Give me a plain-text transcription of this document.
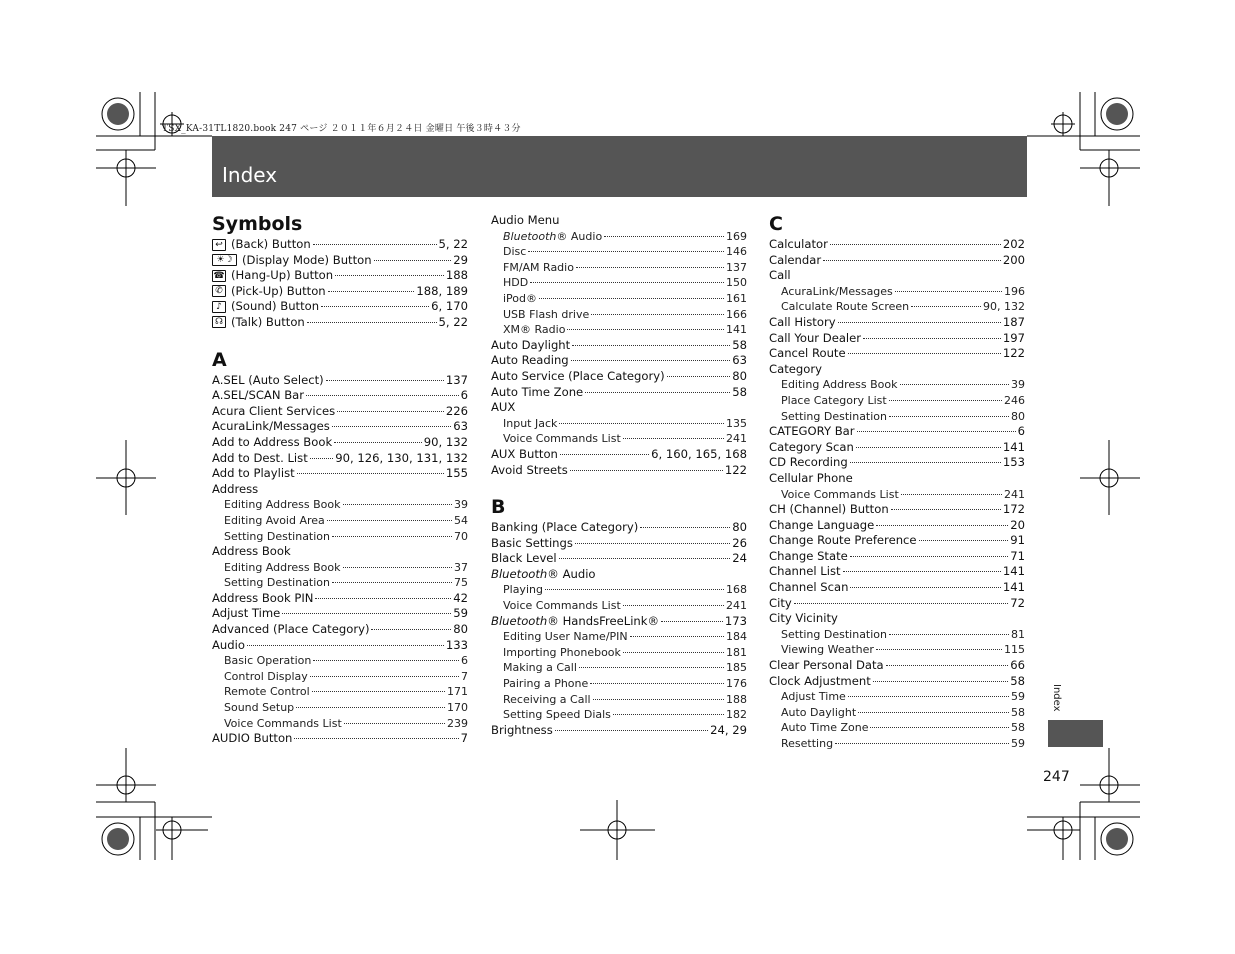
TSX_KA-31TL1820.book 247 ページ ２０１１年６月２４日 金曜日 午後３時４３分
Index
Symbols
↩ (Back) Button	5, 22
☀☽ (Display Mode) Button	29
☎ (Hang-Up) Button	188
✆ (Pick-Up) Button	188, 189
♪ (Sound) Button	6, 170
☊ (Talk) Button	5, 22
A
A.SEL (Auto Select)	137
A.SEL/SCAN Bar	6
Acura Client Services	226
AcuraLink/Messages	63
Add to Address Book	90, 132
Add to Dest. List 90, 126, 130, 131, 132
Add to Playlist	155
Address
Editing Address Book	39
Editing Avoid Area	54
Setting Destination	70
Address Book
Editing Address Book	37
Setting Destination	75
Address Book PIN	42
Adjust Time	59
Advanced (Place Category)	80
Audio	133
Basic Operation	6
Control Display	7
Remote Control	171
Sound Setup	170
Voice Commands List	239
AUDIO Button	7
Audio Menu
Bluetooth® Audio	169
Disc	146
FM/AM Radio	137
HDD	150
iPod®	161
USB Flash drive	166
XM® Radio	141
Auto Daylight	58
Auto Reading	63
Auto Service (Place Category)	80
Auto Time Zone	58
AUX
Input Jack	135
Voice Commands List	241
AUX Button	6, 160, 165, 168
Avoid Streets	122
B
Banking (Place Category)	80
Basic Settings	26
Black Level	24
Bluetooth® Audio
Playing	168
Voice Commands List	241
Bluetooth® HandsFreeLink®	173
Editing User Name/PIN	184
Importing Phonebook	181
Making a Call	185
Pairing a Phone	176
Receiving a Call	188
Setting Speed Dials	182
Brightness	24, 29
C
Calculator	202
Calendar	200
Call
AcuraLink/Messages	196
Calculate Route Screen	90, 132
Call History	187
Call Your Dealer	197
Cancel Route	122
Category
Editing Address Book	39
Place Category List	246
Setting Destination	80
CATEGORY Bar	6
Category Scan	141
CD Recording	153
Cellular Phone
Voice Commands List	241
CH (Channel) Button	172
Change Language	20
Change Route Preference	91
Change State	71
Channel List	141
Channel Scan	141
City	72
City Vicinity
Setting Destination	81
Viewing Weather	115
Clear Personal Data	66
Clock Adjustment	58
Adjust Time	59
Auto Daylight	58
Auto Time Zone	58
Resetting	59
Index
247
